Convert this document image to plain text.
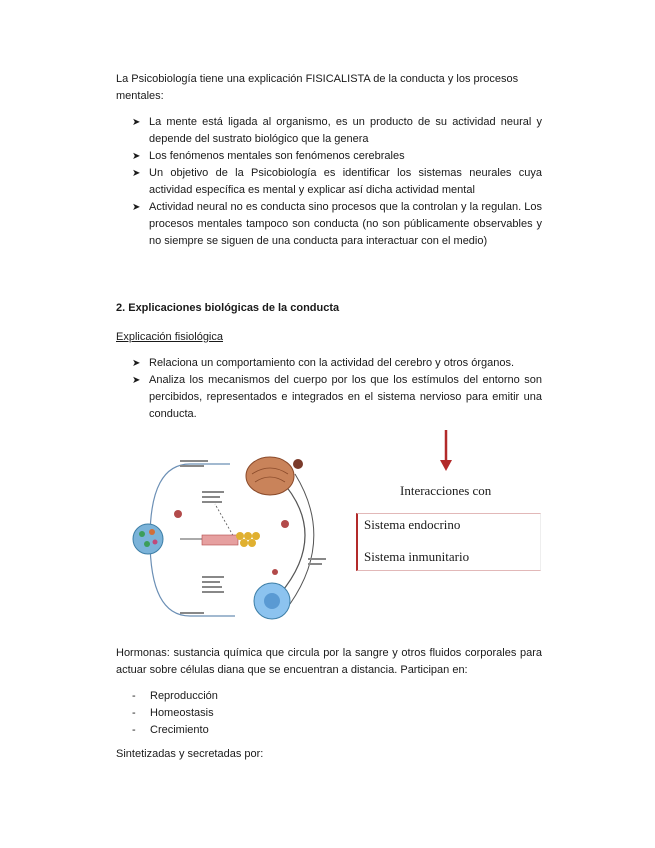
La Psicobiología tiene una explicación FISICALISTA de la conducta y los procesos mentales:

➤ La mente está ligada al organismo, es un producto de su actividad neural y depende del sustrato biológico que la genera
➤ Los fenómenos mentales son fenómenos cerebrales
➤ Un objetivo de la Psicobiología es identificar los sistemas neurales cuya actividad específica es mental y explicar así dicha actividad mental
➤ Actividad neural no es conducta sino procesos que la controlan y la regulan. Los procesos mentales tampoco son conducta (no son públicamente observables y no siempre se siguen de una conducta para interactuar con el medio)
2. Explicaciones biológicas de la conducta
Explicación fisiológica
➤ Relaciona un comportamiento con la actividad del cerebro y otros órganos.
➤ Analiza los mecanismos del cuerpo por los que los estímulos del entorno son percibidos, representados e integrados en el sistema nervioso para emitir una conducta.
Interacciones con
Sistema endocrino
Sistema inmunitario

Hormonas: sustancia química que circula por la sangre y otros fluidos corporales para actuar sobre células diana que se encuentran a distancia. Participan en:

- Reproducción
- Homeostasis
- Crecimiento

Sintetizadas y secretadas por:
